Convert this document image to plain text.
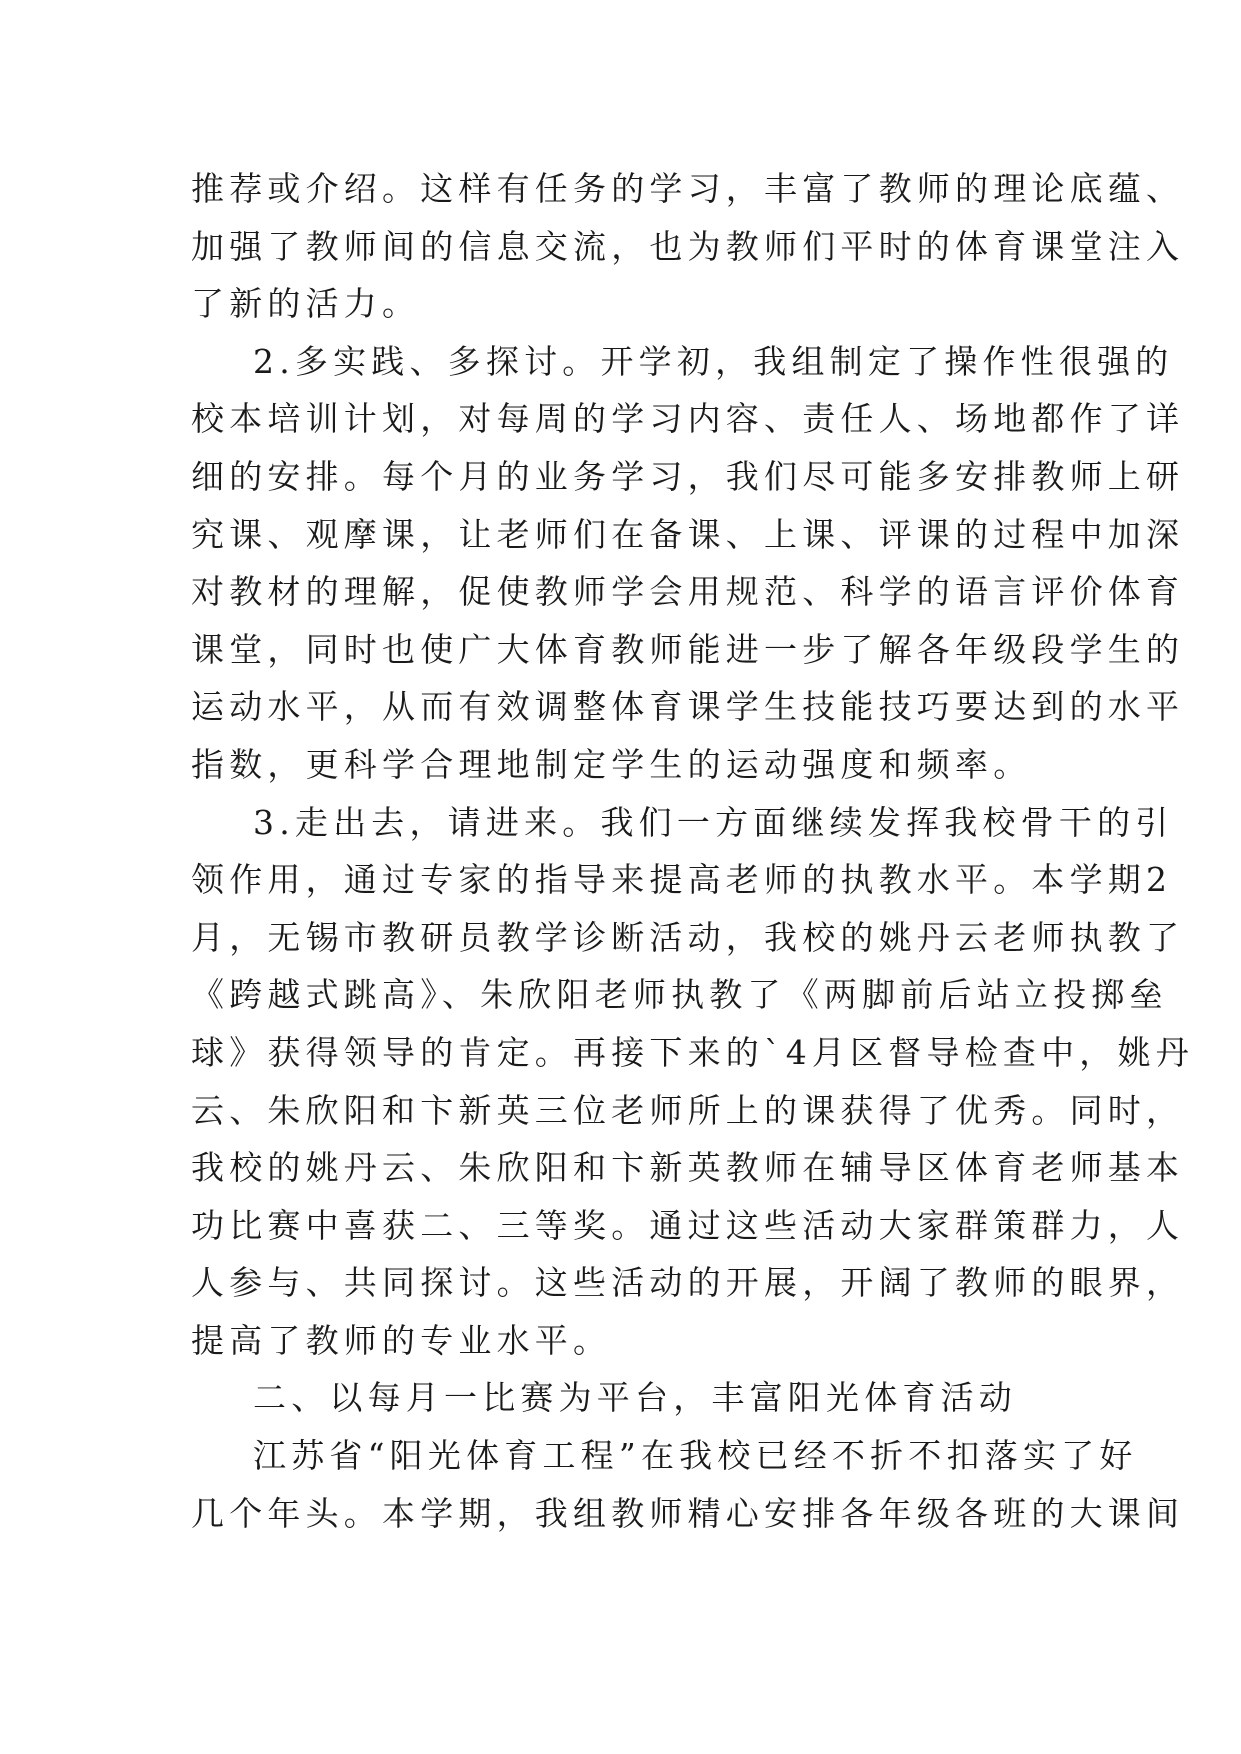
推荐或介绍。这样有任务的学习，丰富了教师的理论底蕴、
加强了教师间的信息交流，也为教师们平时的体育课堂注入
了新的活力。
2.多实践、多探讨。开学初，我组制定了操作性很强的
校本培训计划，对每周的学习内容、责任人、场地都作了详
细的安排。每个月的业务学习，我们尽可能多安排教师上研
究课、观摩课，让老师们在备课、上课、评课的过程中加深
对教材的理解，促使教师学会用规范、科学的语言评价体育
课堂，同时也使广大体育教师能进一步了解各年级段学生的
运动水平，从而有效调整体育课学生技能技巧要达到的水平
指数，更科学合理地制定学生的运动强度和频率。
3.走出去，请进来。我们一方面继续发挥我校骨干的引
领作用，通过专家的指导来提高老师的执教水平。本学期2
月，无锡市教研员教学诊断活动，我校的姚丹云老师执教了
《跨越式跳高》、朱欣阳老师执教了《两脚前后站立投掷垒
球》获得领导的肯定。再接下来的`4月区督导检查中，姚丹
云、朱欣阳和卞新英三位老师所上的课获得了优秀。同时，
我校的姚丹云、朱欣阳和卞新英教师在辅导区体育老师基本
功比赛中喜获二、三等奖。通过这些活动大家群策群力，人
人参与、共同探讨。这些活动的开展，开阔了教师的眼界，
提高了教师的专业水平。
二、以每月一比赛为平台，丰富阳光体育活动
江苏省“阳光体育工程”在我校已经不折不扣落实了好
几个年头。本学期，我组教师精心安排各年级各班的大课间
